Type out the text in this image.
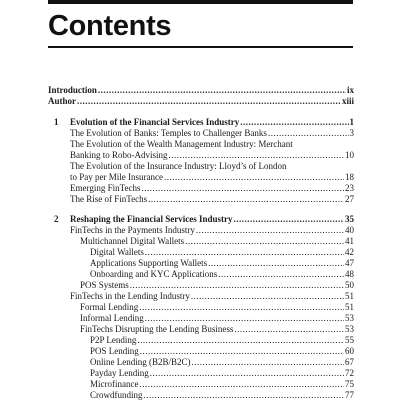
Contents
Introduction .....	ix
Author .....	xiii
1	Evolution of the Financial Services Industry .....	1
The Evolution of Banks: Temples to Challenger Banks .....	3
The Evolution of the Wealth Management Industry: Merchant
Banking to Robo-Advising .....	10
The Evolution of the Insurance Industry: Lloyd’s of London
to Pay per Mile Insurance .....	18
Emerging FinTechs .....	23
The Rise of FinTechs .....	27
2	Reshaping the Financial Services Industry .....	35
FinTechs in the Payments Industry .....	40
Multichannel Digital Wallets .....	41
Digital Wallets .....	42
Applications Supporting Wallets .....	47
Onboarding and KYC Applications .....	48
POS Systems .....	50
FinTechs in the Lending Industry .....	51
Formal Lending .....	51
Informal Lending .....	53
FinTechs Disrupting the Lending Business .....	53
P2P Lending .....	55
POS Lending .....	60
Online Lending (B2B/B2C) .....	67
Payday Lending .....	72
Microfinance .....	75
Crowdfunding .....	77
